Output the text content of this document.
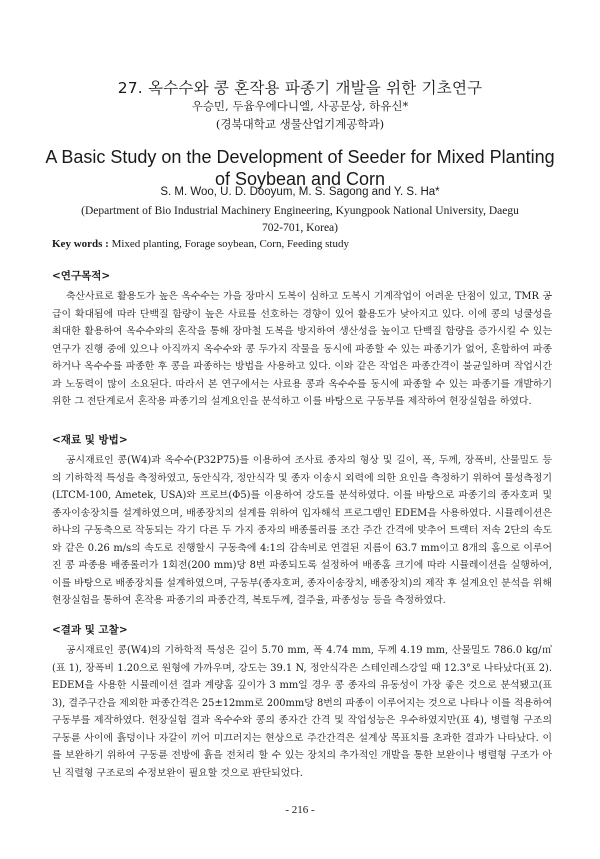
27. 옥수수와 콩 혼작용 파종기 개발을 위한 기초연구
우승민, 두윰우에다니엘, 사공문상, 하유신*
(경북대학교 생물산업기계공학과)
A Basic Study on the Development of Seeder for Mixed Planting of Soybean and Corn
S. M. Woo, U. D. Dooyum, M. S. Sagong and Y. S. Ha*
(Department of Bio Industrial Machinery Engineering, Kyungpook National University, Daegu 702-701, Korea)
Key words : Mixed planting, Forage soybean, Corn, Feeding study
<연구목적>

축산사료로 활용도가 높은 옥수수는 가을 장마시 도복이 심하고 도복시 기계작업이 어려운 단점이 있고, TMR 공급이 확대됨에 따라 단백질 함량이 높은 사료를 선호하는 경향이 있어 활용도가 낮아지고 있다. 이에 콩의 넝쿨성을 최대한 활용하여 옥수수와의 혼작을 통해 장마철 도복을 방지하여 생산성을 높이고 단백질 함량을 증가시킬 수 있는 연구가 진행 중에 있으나 아직까지 옥수수와 콩 두가지 작물을 동시에 파종할 수 있는 파종기가 없어, 혼합하여 파종하거나 옥수수를 파종한 후 콩을 파종하는 방법을 사용하고 있다. 이와 같은 작업은 파종간격이 불균일하며 작업시간과 노동력이 많이 소요된다. 따라서 본 연구에서는 사료용 콩과 옥수수를 동시에 파종할 수 있는 파종기를 개발하기 위한 그 전단계로서 혼작용 파종기의 설계요인을 분석하고 이를 바탕으로 구동부를 제작하여 현장실험을 하였다.

<재료 및 방법>

공시재료인 콩(W4)과 옥수수(P32P75)를 이용하여 조사료 종자의 형상 및 길이, 폭, 두께, 장폭비, 산물밀도 등의 기하학적 특성을 측정하였고, 동안식각, 정안식각 및 종자 이송시 외력에 의한 요인을 측정하기 위하여 물성측정기(LTCM-100, Ametek, USA)와 프로브(Φ5)를 이용하여 강도를 분석하였다. 이를 바탕으로 파종기의 종자호퍼 및 종자이송장치를 설계하였으며, 배종장치의 설계를 위하여 입자해석 프로그램인 EDEM을 사용하였다. 시뮬레이션은 하나의 구동축으로 작동되는 각기 다른 두 가지 종자의 배종롤러를 조간 주간 간격에 맞추어 트랙터 저속 2단의 속도와 같은 0.26 m/s의 속도로 진행할시 구동축에 4:1의 감속비로 연결된 지름이 63.7 mm이고 8개의 홈으로 이루어진 콩 파종용 배종롤러가 1회전(200 mm)당 8번 파종되도록 설정하여 배종홈 크기에 따라 시뮬레이션을 실행하여, 이를 바탕으로 배종장치를 설계하였으며, 구동부(종자호퍼, 종자이송장치, 배종장치)의 제작 후 설계요인 분석을 위해 현장실험을 통하여 혼작용 파종기의 파종간격, 복토두께, 결주율, 파종성능 등을 측정하였다.

<결과 및 고찰>

공시재료인 콩(W4)의 기하학적 특성은 길이 5.70 mm, 폭 4.74 mm, 두께 4.19 mm, 산물밀도 786.0 kg/㎥(표 1), 장폭비 1.20으로 원형에 가까우며, 강도는 39.1 N, 정안식각은 스테인레스강일 때 12.3°로 나타났다(표 2). EDEM을 사용한 시뮬레이션 결과 계량홈 깊이가 3 mm일 경우 콩 종자의 유동성이 가장 좋은 것으로 분석됐고(표 3), 결주구간을 제외한 파종간격은 25±12mm로 200mm당 8번의 파종이 이루어지는 것으로 나타나 이를 적용하여 구동부를 제작하였다. 현장실험 결과 옥수수와 콩의 종자간 간격 및 작업성능은 우수하였지만(표 4), 병렬형 구조의 구동륜 사이에 흙덩이나 자갈이 끼어 미끄러지는 현상으로 주간간격은 설계상 목표치를 초과한 결과가 나타났다. 이를 보완하기 위하여 구동륜 전방에 흙을 전처리 할 수 있는 장치의 추가적인 개발을 통한 보완이나 병렬형 구조가 아닌 직렬형 구조로의 수정보완이 필요할 것으로 판단되었다.

- 216 -
